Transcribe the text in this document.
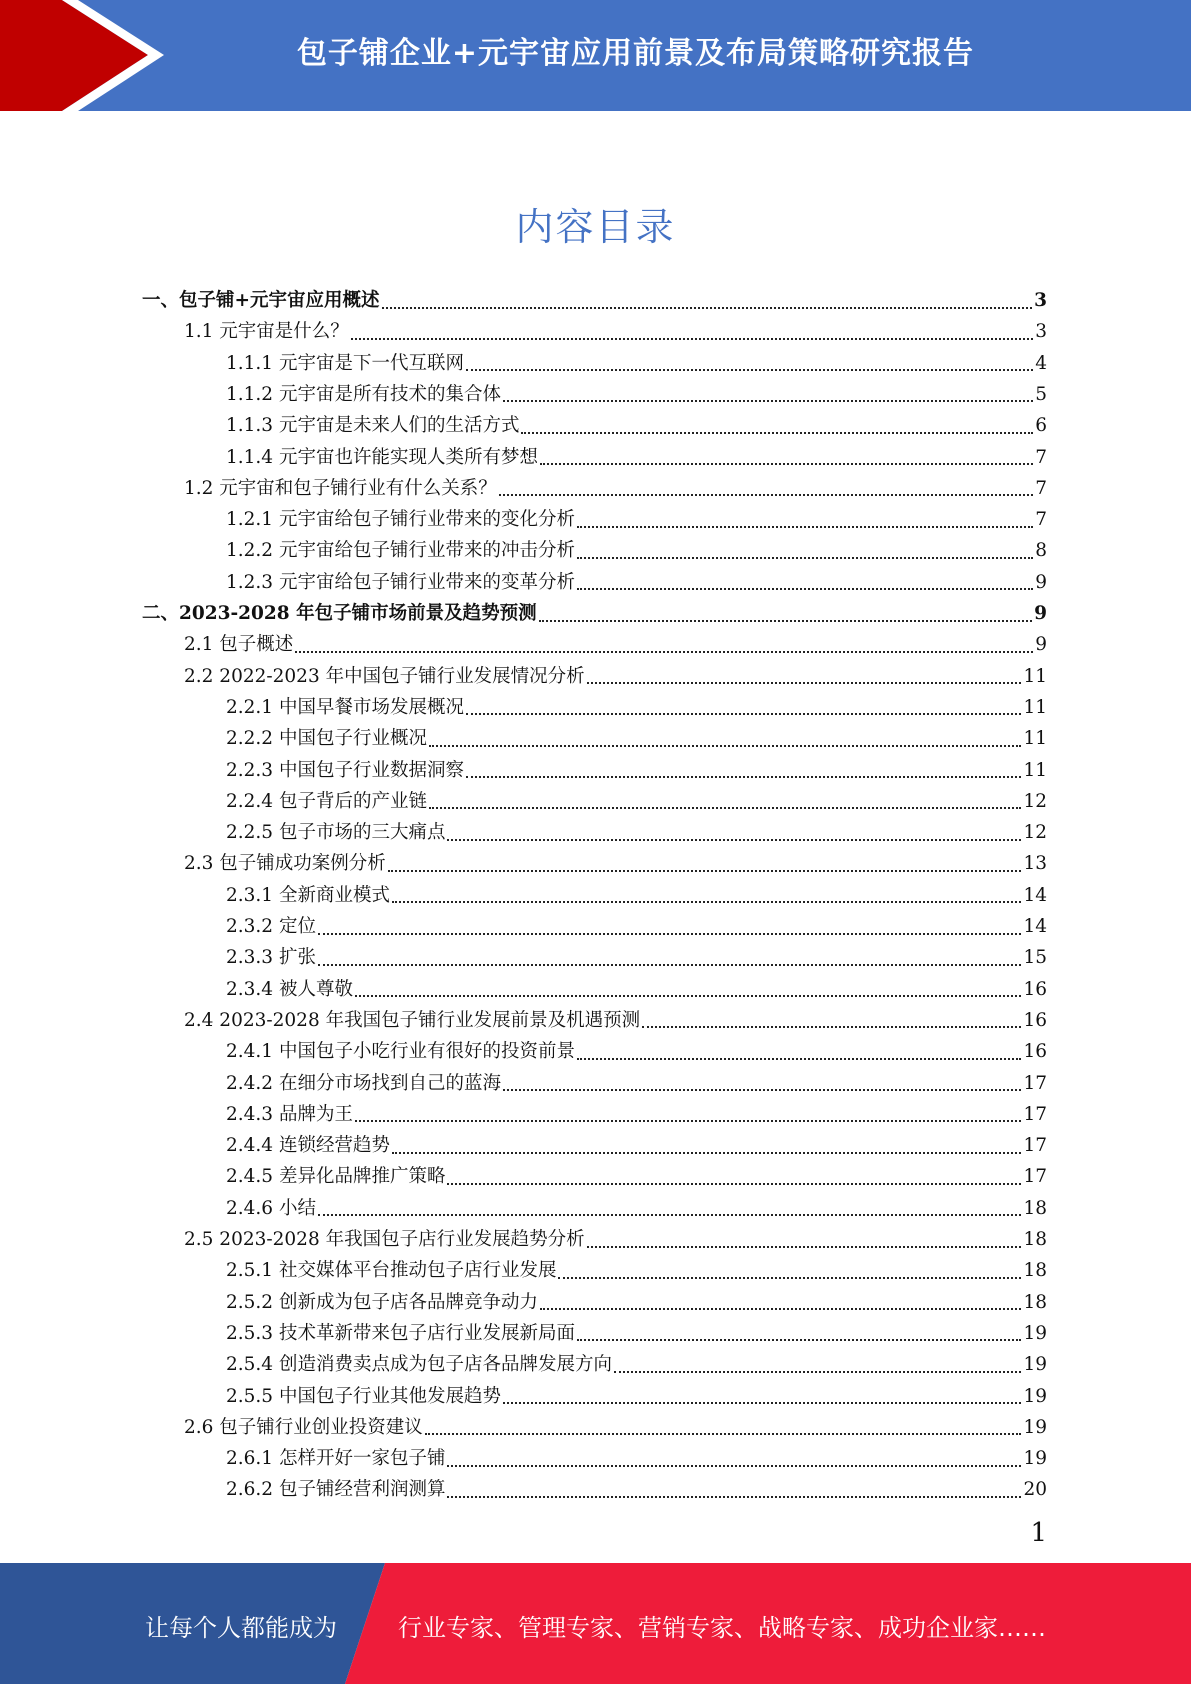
包子铺企业+元宇宙应用前景及布局策略研究报告
内容目录
一、包子铺+元宇宙应用概述	3
1.1 元宇宙是什么？	3
1.1.1 元宇宙是下一代互联网	4
1.1.2 元宇宙是所有技术的集合体	5
1.1.3 元宇宙是未来人们的生活方式	6
1.1.4 元宇宙也许能实现人类所有梦想	7
1.2 元宇宙和包子铺行业有什么关系？	7
1.2.1 元宇宙给包子铺行业带来的变化分析	7
1.2.2 元宇宙给包子铺行业带来的冲击分析	8
1.2.3 元宇宙给包子铺行业带来的变革分析	9
二、2023-2028 年包子铺市场前景及趋势预测	9
2.1 包子概述	9
2.2 2022-2023 年中国包子铺行业发展情况分析	11
2.2.1 中国早餐市场发展概况	11
2.2.2 中国包子行业概况	11
2.2.3 中国包子行业数据洞察	11
2.2.4 包子背后的产业链	12
2.2.5 包子市场的三大痛点	12
2.3 包子铺成功案例分析	13
2.3.1 全新商业模式	14
2.3.2 定位	14
2.3.3 扩张	15
2.3.4 被人尊敬	16
2.4 2023-2028 年我国包子铺行业发展前景及机遇预测	16
2.4.1 中国包子小吃行业有很好的投资前景	16
2.4.2 在细分市场找到自己的蓝海	17
2.4.3 品牌为王	17
2.4.4 连锁经营趋势	17
2.4.5 差异化品牌推广策略	17
2.4.6 小结	18
2.5 2023-2028 年我国包子店行业发展趋势分析	18
2.5.1 社交媒体平台推动包子店行业发展	18
2.5.2 创新成为包子店各品牌竞争动力	18
2.5.3 技术革新带来包子店行业发展新局面	19
2.5.4 创造消费卖点成为包子店各品牌发展方向	19
2.5.5 中国包子行业其他发展趋势	19
2.6 包子铺行业创业投资建议	19
2.6.1 怎样开好一家包子铺	19
2.6.2 包子铺经营利润测算	20
1
让每个人都能成为	行业专家、管理专家、营销专家、战略专家、成功企业家……
